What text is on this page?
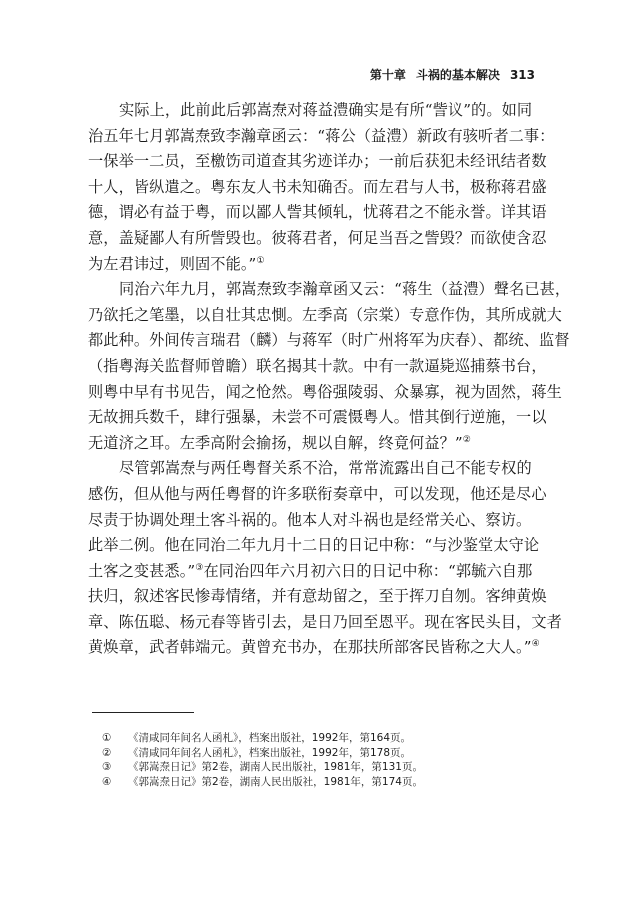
第十章 斗祸的基本解决 313

实际上，此前此后郭嵩焘对蒋益澧确实是有所“訾议”的。如同
治五年七月郭嵩焘致李瀚章函云：“蒋公（益澧）新政有骇听者二事：
一保举一二员，至檄饬司道查其劣迹详办；一前后获犯未经讯结者数
十人，皆纵遣之。粤东友人书未知确否。而左君与人书，极称蒋君盛
德，谓必有益于粤，而以鄙人訾其倾轧，忧蒋君之不能永誉。详其语
意，盖疑鄙人有所訾毁也。彼蒋君者，何足当吾之訾毁？而欲使含忍
为左君讳过，则固不能。”①

同治六年九月，郭嵩焘致李瀚章函又云：“蒋生（益澧）聲名已甚，
乃欲托之笔墨，以自壮其忠惻。左季高（宗棠）专意作伪，其所成就大
都此种。外间传言瑞君（麟）与蒋军（时广州将军为庆春）、都统、监督
（指粤海关监督师曾瞻）联名揭其十款。中有一款逼毙巡捕蔡书台，
则粤中早有书见告，闻之怆然。粤俗强陵弱、众暴寡，视为固然，蒋生
无故拥兵数千，肆行强暴，未尝不可震慑粤人。惜其倒行逆施，一以
无道济之耳。左季高附会揄扬，规以自解，终竟何益？”②

尽管郭嵩焘与两任粤督关系不洽，常常流露出自己不能专权的
感伤，但从他与两任粤督的许多联衔奏章中，可以发现，他还是尽心
尽责于协调处理土客斗祸的。他本人对斗祸也是经常关心、察访。
此举二例。他在同治二年九月十二日的日记中称：“与沙鉴堂太守论
土客之变甚悉。”③在同治四年六月初六日的日记中称：“郭毓六自那
扶归，叙述客民惨毒情绪，并有意劫留之，至于挥刀自刎。客绅黄焕
章、陈伍聪、杨元春等皆引去，是日乃回至恩平。现在客民头目，文者
黄焕章，武者韩端元。黄曾充书办，在那扶所部客民皆称之大人。”④

① 《清咸同年间名人函札》，档案出版社，1992年，第164页。
② 《清咸同年间名人函札》，档案出版社，1992年，第178页。
③ 《郭嵩焘日记》第2卷，湖南人民出版社，1981年，第131页。
④ 《郭嵩焘日记》第2卷，湖南人民出版社，1981年，第174页。
